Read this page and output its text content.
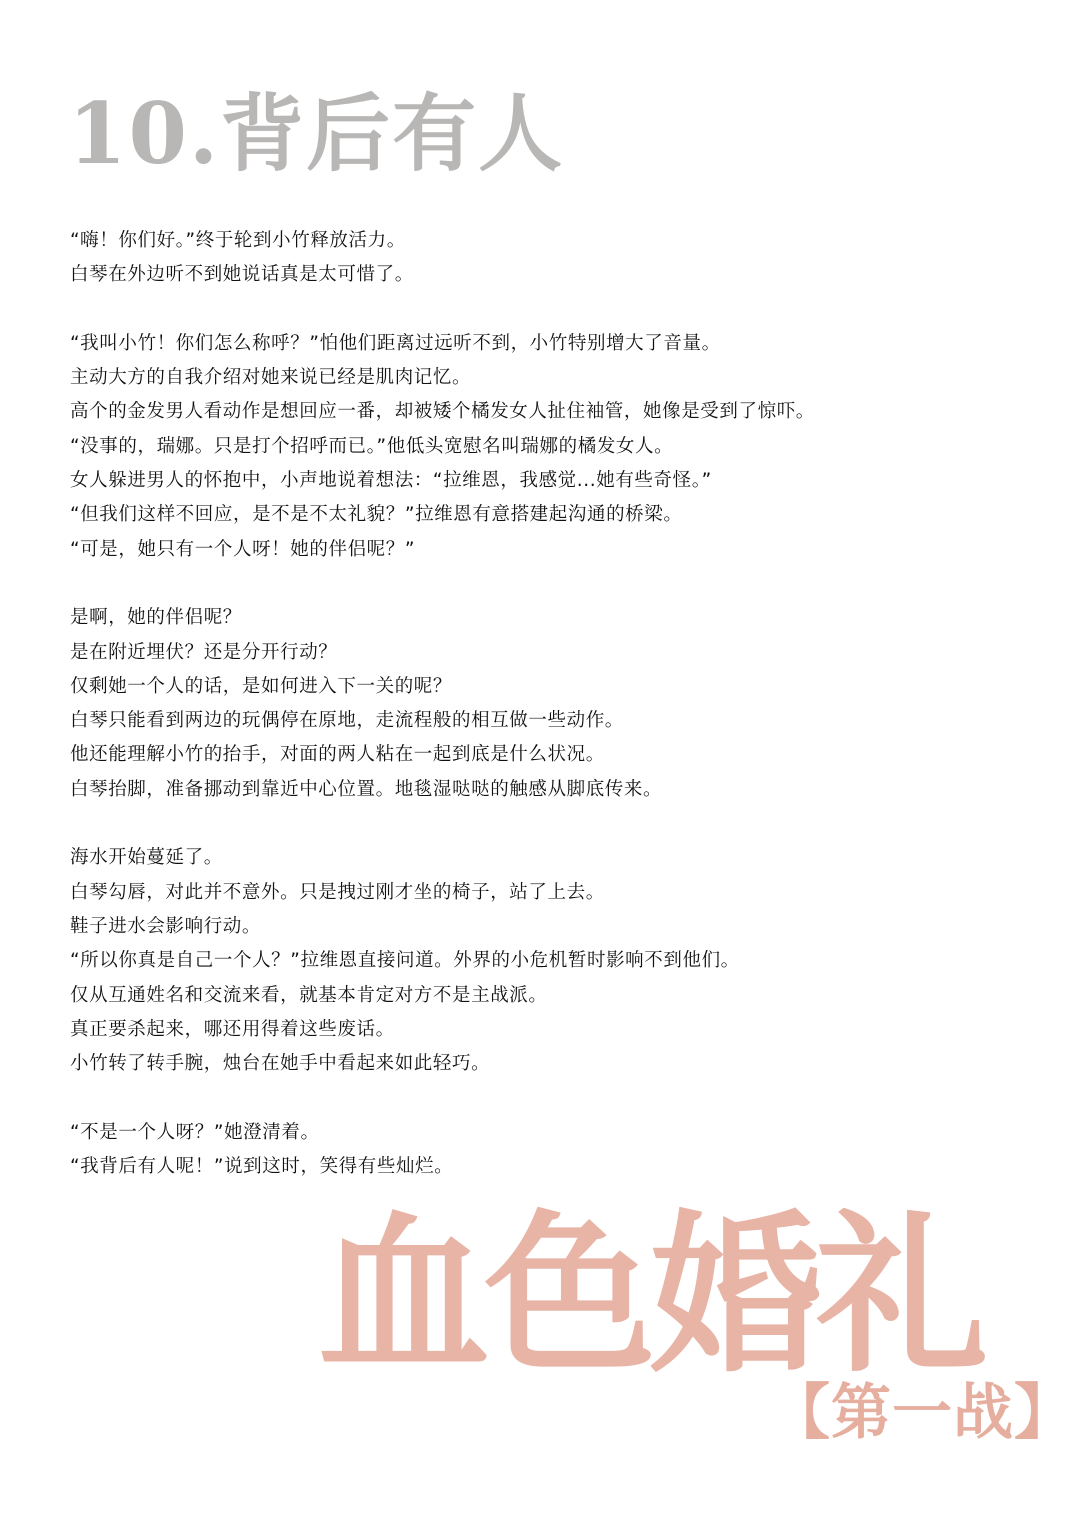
10.背后有人
“嗨！你们好。”终于轮到小竹释放活力。
白琴在外边听不到她说话真是太可惜了。
“我叫小竹！你们怎么称呼？”怕他们距离过远听不到，小竹特别增大了音量。
主动大方的自我介绍对她来说已经是肌肉记忆。
高个的金发男人看动作是想回应一番，却被矮个橘发女人扯住袖管，她像是受到了惊吓。
“没事的，瑞娜。只是打个招呼而已。”他低头宽慰名叫瑞娜的橘发女人。
女人躲进男人的怀抱中，小声地说着想法：“拉维恩，我感觉...她有些奇怪。”
“但我们这样不回应，是不是不太礼貌？”拉维恩有意搭建起沟通的桥梁。
“可是，她只有一个人呀！她的伴侣呢？”
是啊，她的伴侣呢？
是在附近埋伏？还是分开行动？
仅剩她一个人的话，是如何进入下一关的呢？
白琴只能看到两边的玩偶停在原地，走流程般的相互做一些动作。
他还能理解小竹的抬手，对面的两人粘在一起到底是什么状况。
白琴抬脚，准备挪动到靠近中心位置。地毯湿哒哒的触感从脚底传来。
海水开始蔓延了。
白琴勾唇，对此并不意外。只是拽过刚才坐的椅子，站了上去。
鞋子进水会影响行动。
“所以你真是自己一个人？”拉维恩直接问道。外界的小危机暂时影响不到他们。
仅从互通姓名和交流来看，就基本肯定对方不是主战派。
真正要杀起来，哪还用得着这些废话。
小竹转了转手腕，烛台在她手中看起来如此轻巧。
“不是一个人呀？”她澄清着。
“我背后有人呢！”说到这时，笑得有些灿烂。
血色婚礼
【第一战】
